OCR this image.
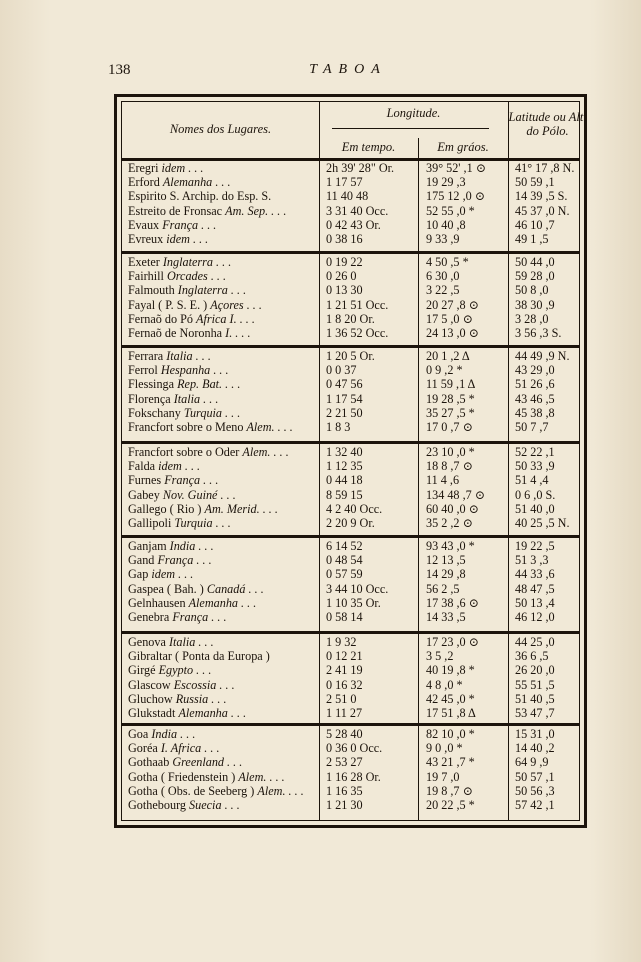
138	TABOA
Nomes dos Lugares.
Longitude.
Em tempo.	Em gráos.
Latitude ou Alt. do Pólo.
Eregri idem . . .	2h 39' 28" Or.	39° 52' ,1 ⊙	41° 17 ,8 N.
Erford Alemanha . . .	1 17 57	19 29 ,3	50 59 ,1
Espirito S. Archip. do Esp. S.	11 40 48	175 12 ,0 ⊙	14 39 ,5 S.
Estreito de Fronsac Am. Sep. . . .	3 31 40 Occ.	52 55 ,0 *	45 37 ,0 N.
Evaux França . . .	0 42 43 Or.	10 40 ,8	46 10 ,7
Evreux idem . . .	0 38 16	9 33 ,9	49 1 ,5
Exeter Inglaterra . . .	0 19 22	4 50 ,5 *	50 44 ,0
Fairhill Orcades . . .	0 26 0	6 30 ,0	59 28 ,0
Falmouth Inglaterra . . .	0 13 30	3 22 ,5	50 8 ,0
Fayal ( P. S. E. ) Açores . . .	1 21 51 Occ.	20 27 ,8 ⊙	38 30 ,9
Fernaõ do Pó Africa I. . . .	1 8 20 Or.	17 5 ,0 ⊙	3 28 ,0
Fernaõ de Noronha I. . . .	1 36 52 Occ.	24 13 ,0 ⊙	3 56 ,3 S.
Ferrara Italia . . .	1 20 5 Or.	20 1 ,2 Δ	44 49 ,9 N.
Ferrol Hespanha . . .	0 0 37	0 9 ,2 *	43 29 ,0
Flessinga Rep. Bat. . . .	0 47 56	11 59 ,1 Δ	51 26 ,6
Florença Italia . . .	1 17 54	19 28 ,5 *	43 46 ,5
Fokschany Turquia . . .	2 21 50	35 27 ,5 *	45 38 ,8
Francfort sobre o Meno Alem. . . .	1 8 3	17 0 ,7 ⊙	50 7 ,7
Francfort sobre o Oder Alem. . . .	1 32 40	23 10 ,0 *	52 22 ,1
Falda idem . . .	1 12 35	18 8 ,7 ⊙	50 33 ,9
Furnes França . . .	0 44 18	11 4 ,6	51 4 ,4
Gabey Nov. Guiné . . .	8 59 15	134 48 ,7 ⊙	0 6 ,0 S.
Gallego ( Rio ) Am. Merid. . . .	4 2 40 Occ.	60 40 ,0 ⊙	51 40 ,0
Gallipoli Turquia . . .	2 20 9 Or.	35 2 ,2 ⊙	40 25 ,5 N.
Ganjam India . . .	6 14 52	93 43 ,0 *	19 22 ,5
Gand França . . .	0 48 54	12 13 ,5	51 3 ,3
Gap idem . . .	0 57 59	14 29 ,8	44 33 ,6
Gaspea ( Bah. ) Canadá . . .	3 44 10 Occ.	56 2 ,5	48 47 ,5
Gelnhausen Alemanha . . .	1 10 35 Or.	17 38 ,6 ⊙	50 13 ,4
Genebra França . . .	0 58 14	14 33 ,5	46 12 ,0
Genova Italia . . .	1 9 32	17 23 ,0 ⊙	44 25 ,0
Gibraltar ( Ponta da Europa )	0 12 21	3 5 ,2	36 6 ,5
Girgé Egypto . . .	2 41 19	40 19 ,8 *	26 20 ,0
Glascow Escossia . . .	0 16 32	4 8 ,0 *	55 51 ,5
Gluchow Russia . . .	2 51 0	42 45 ,0 *	51 40 ,5
Glukstadt Alemanha . . .	1 11 27	17 51 ,8 Δ	53 47 ,7
Goa India . . .	5 28 40	82 10 ,0 *	15 31 ,0
Goréa I. Africa . . .	0 36 0 Occ.	9 0 ,0 *	14 40 ,2
Gothaab Greenland . . .	2 53 27	43 21 ,7 *	64 9 ,9
Gotha ( Friedenstein ) Alem. . . .	1 16 28 Or.	19 7 ,0	50 57 ,1
Gotha ( Obs. de Seeberg ) Alem. . . .	1 16 35	19 8 ,7 ⊙	50 56 ,3
Gothebourg Suecia . . .	1 21 30	20 22 ,5 *	57 42 ,1
